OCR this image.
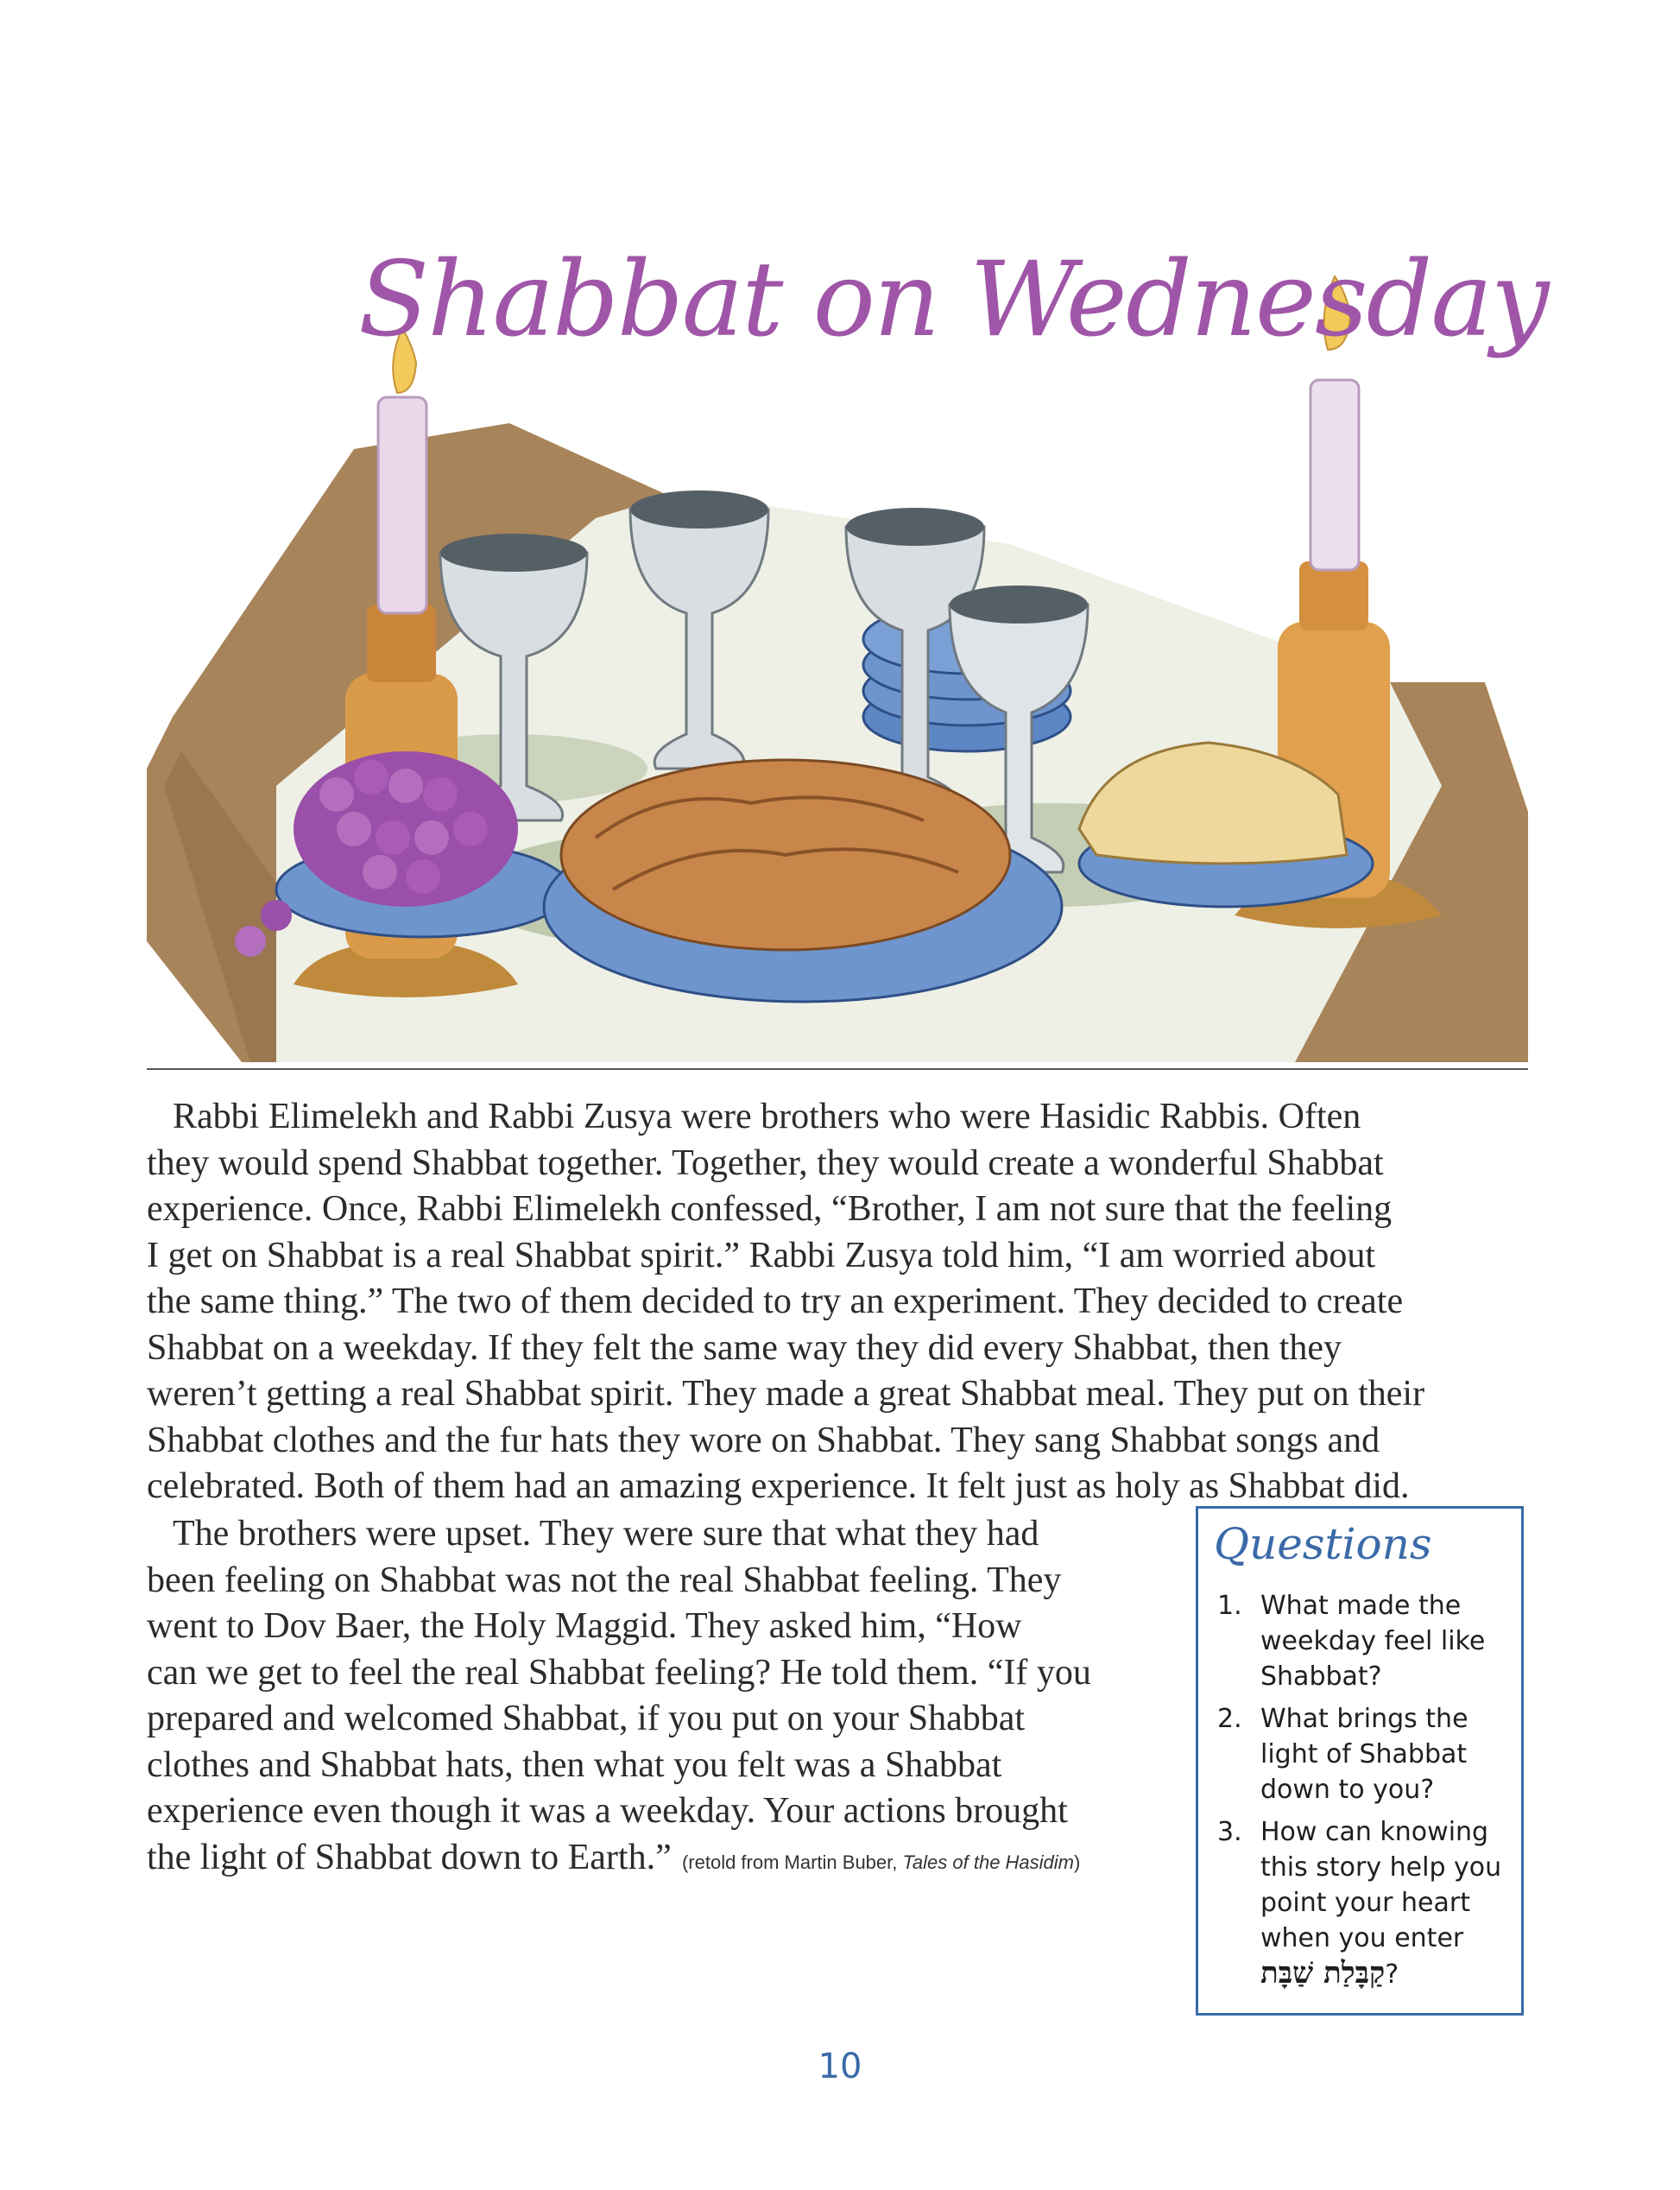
Shabbat on Wednesday
Rabbi Elimelekh and Rabbi Zusya were brothers who were Hasidic Rabbis. Often
they would spend Shabbat together. Together, they would create a wonderful Shabbat
experience. Once, Rabbi Elimelekh confessed, “Brother, I am not sure that the feeling
I get on Shabbat is a real Shabbat spirit.” Rabbi Zusya told him, “I am worried about
the same thing.” The two of them decided to try an experiment. They decided to create
Shabbat on a weekday. If they felt the same way they did every Shabbat, then they
weren’t getting a real Shabbat spirit. They made a great Shabbat meal. They put on their
Shabbat clothes and the fur hats they wore on Shabbat. They sang Shabbat songs and
celebrated. Both of them had an amazing experience. It felt just as holy as Shabbat did.
The brothers were upset. They were sure that what they had
been feeling on Shabbat was not the real Shabbat feeling. They
went to Dov Baer, the Holy Maggid. They asked him, “How
can we get to feel the real Shabbat feeling? He told them. “If you
prepared and welcomed Shabbat, if you put on your Shabbat
clothes and Shabbat hats, then what you felt was a Shabbat
experience even though it was a weekday. Your actions brought
the light of Shabbat down to Earth.” (retold from Martin Buber, Tales of the Hasidim)
Questions
1. What made the
weekday feel like
Shabbat?
2. What brings the
light of Shabbat
down to you?
3. How can knowing
this story help you
point your heart
when you enter
קַבָּלַת שַׁבָּת?
10
